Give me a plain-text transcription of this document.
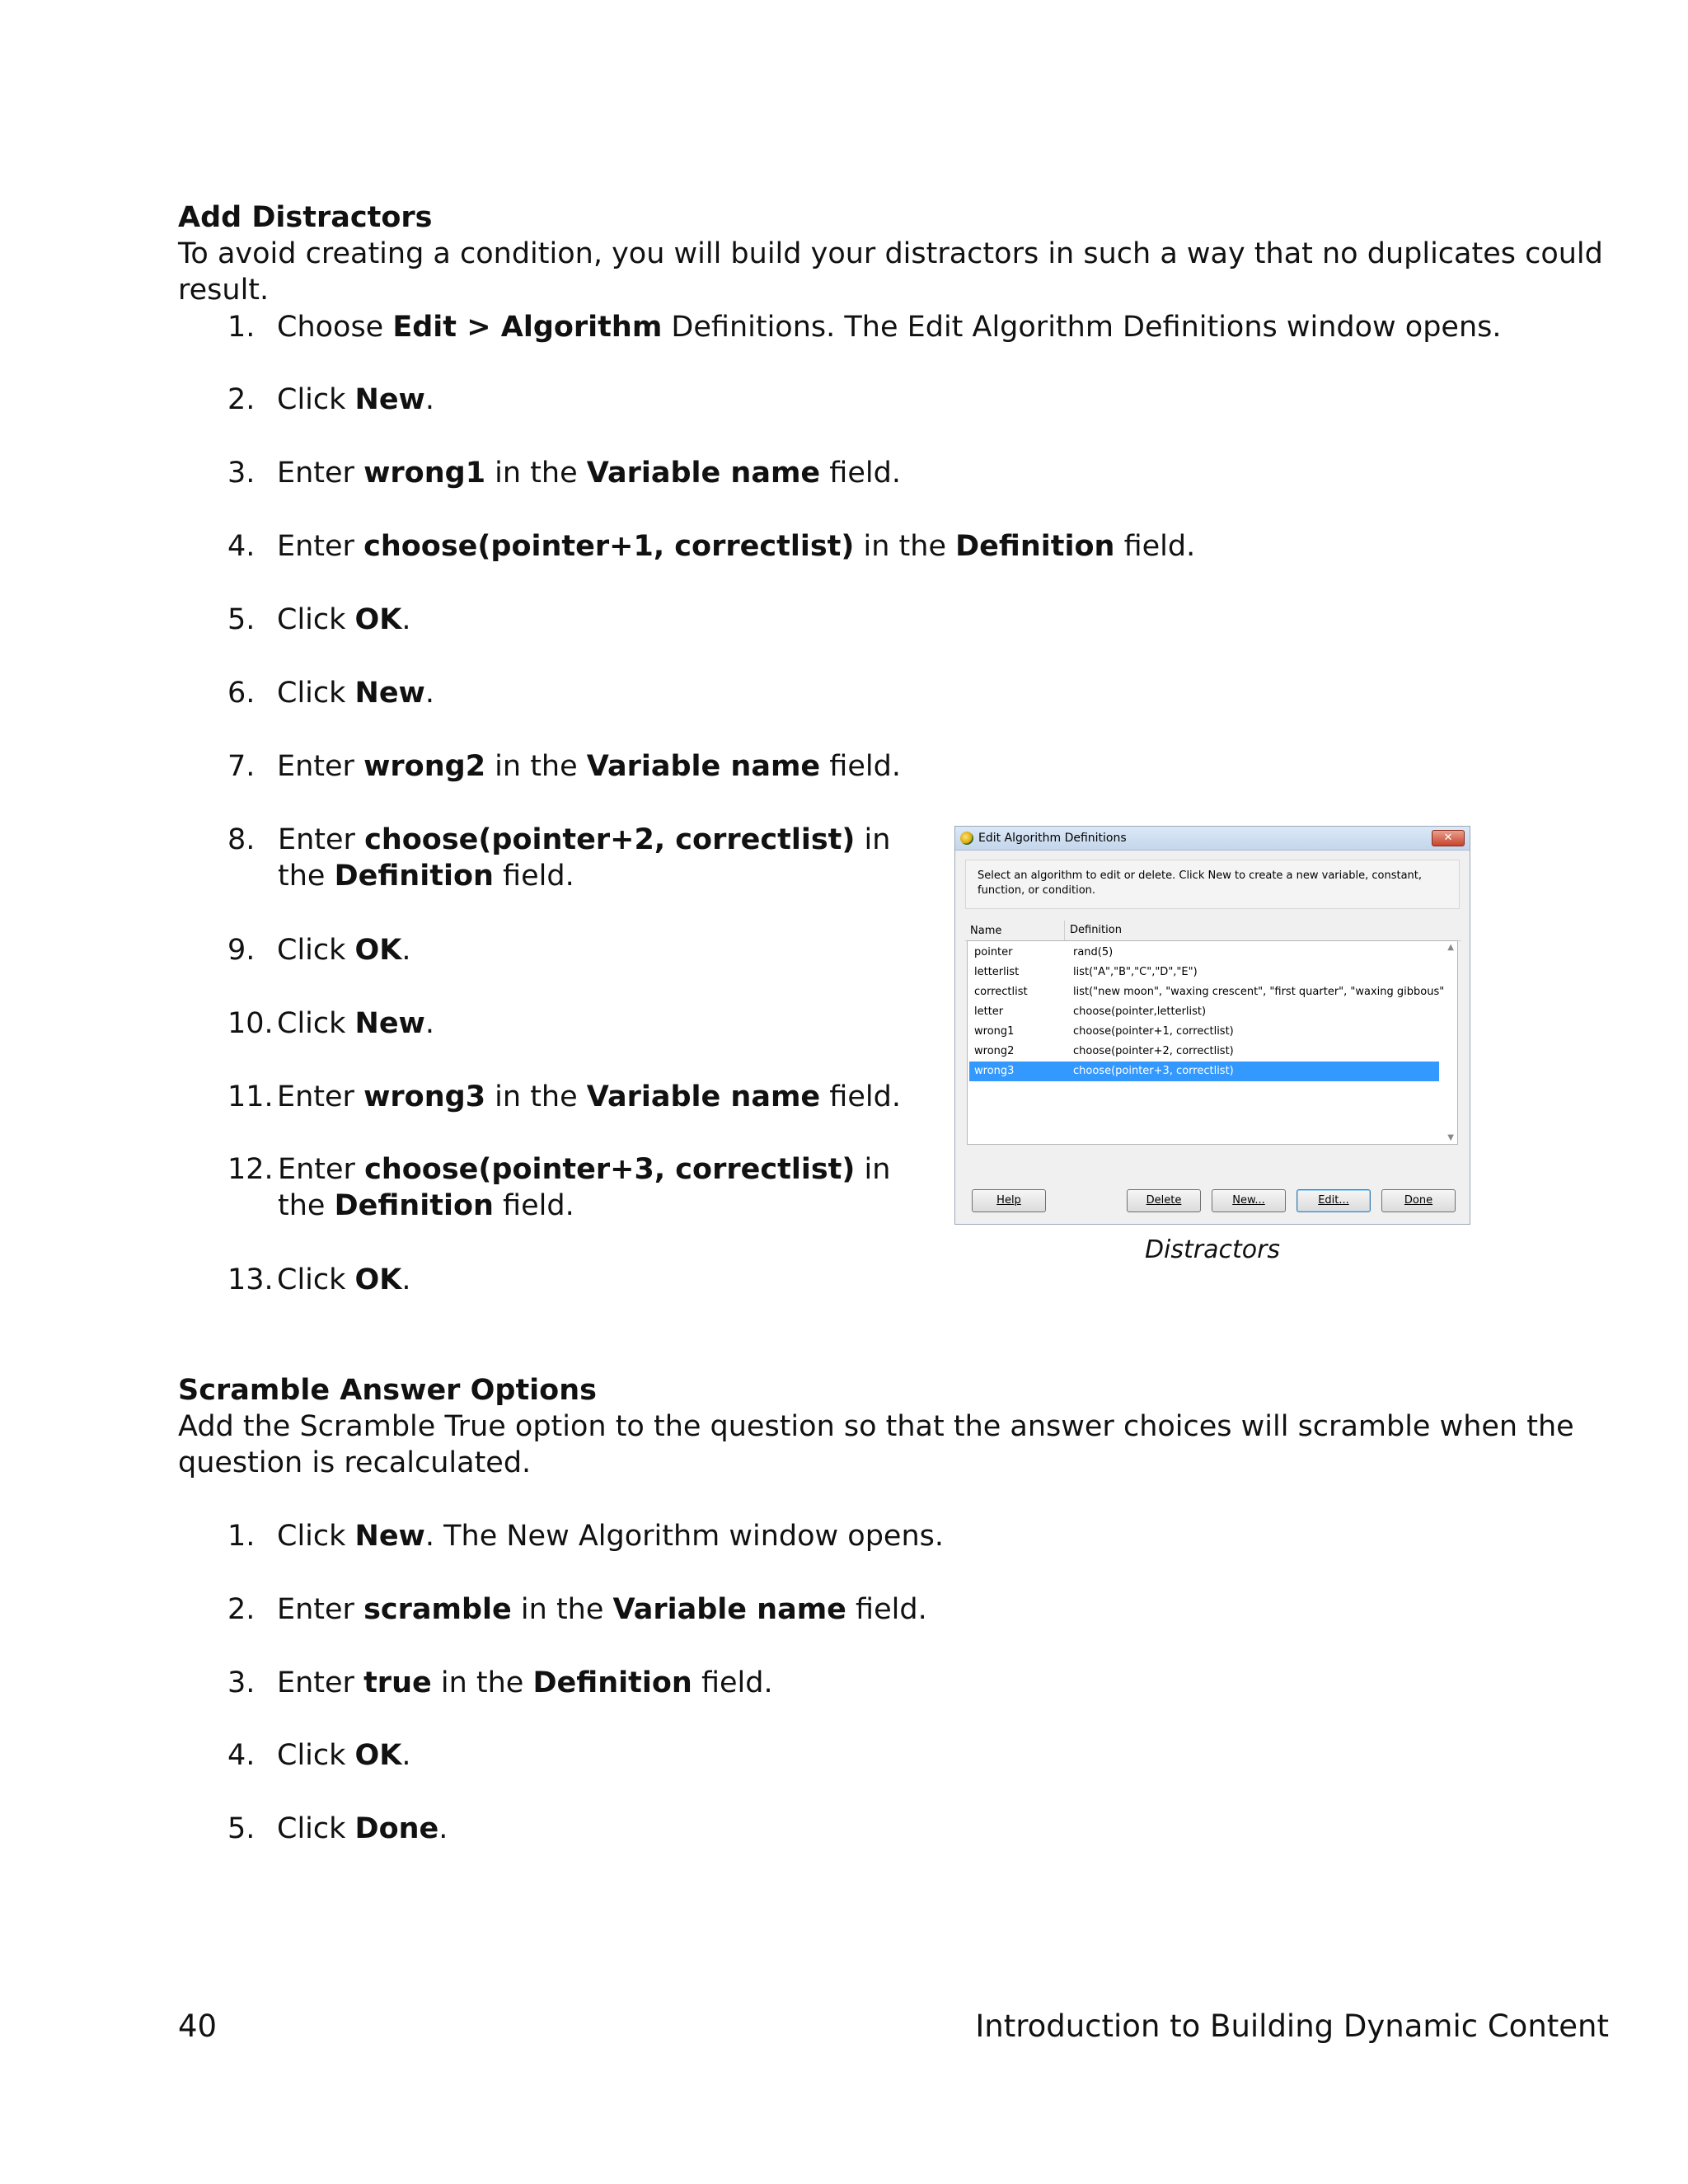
Add Distractors
To avoid creating a condition, you will build your distractors in such a way that no duplicates could result.
1. Choose Edit > Algorithm Definitions. The Edit Algorithm Definitions window opens.
2. Click New.
3. Enter wrong1 in the Variable name field.
4. Enter choose(pointer+1, correctlist) in the Definition field.
5. Click OK.
6. Click New.
7. Enter wrong2 in the Variable name field.
8. Enter choose(pointer+2, correctlist) in the Definition field.
9. Click OK.
10. Click New.
11. Enter wrong3 in the Variable name field.
12. Enter choose(pointer+3, correctlist) in the Definition field.
13. Click OK.
Edit Algorithm Definitions	✕
Select an algorithm to edit or delete. Click New to create a new variable, constant, function, or condition.
Name	Definition
pointer	rand(5)
letterlist	list("A","B","C","D","E")
correctlist	list("new moon", "waxing crescent", "first quarter", "waxing gibbous"
letter	choose(pointer,letterlist)
wrong1	choose(pointer+1, correctlist)
wrong2	choose(pointer+2, correctlist)
wrong3	choose(pointer+3, correctlist)
▲
▼
Help	Delete	New...	Edit...	Done
Distractors
Scramble Answer Options
Add the Scramble True option to the question so that the answer choices will scramble when the question is recalculated.
1. Click New. The New Algorithm window opens.
2. Enter scramble in the Variable name field.
3. Enter true in the Definition field.
4. Click OK.
5. Click Done.
40	Introduction to Building Dynamic Content
